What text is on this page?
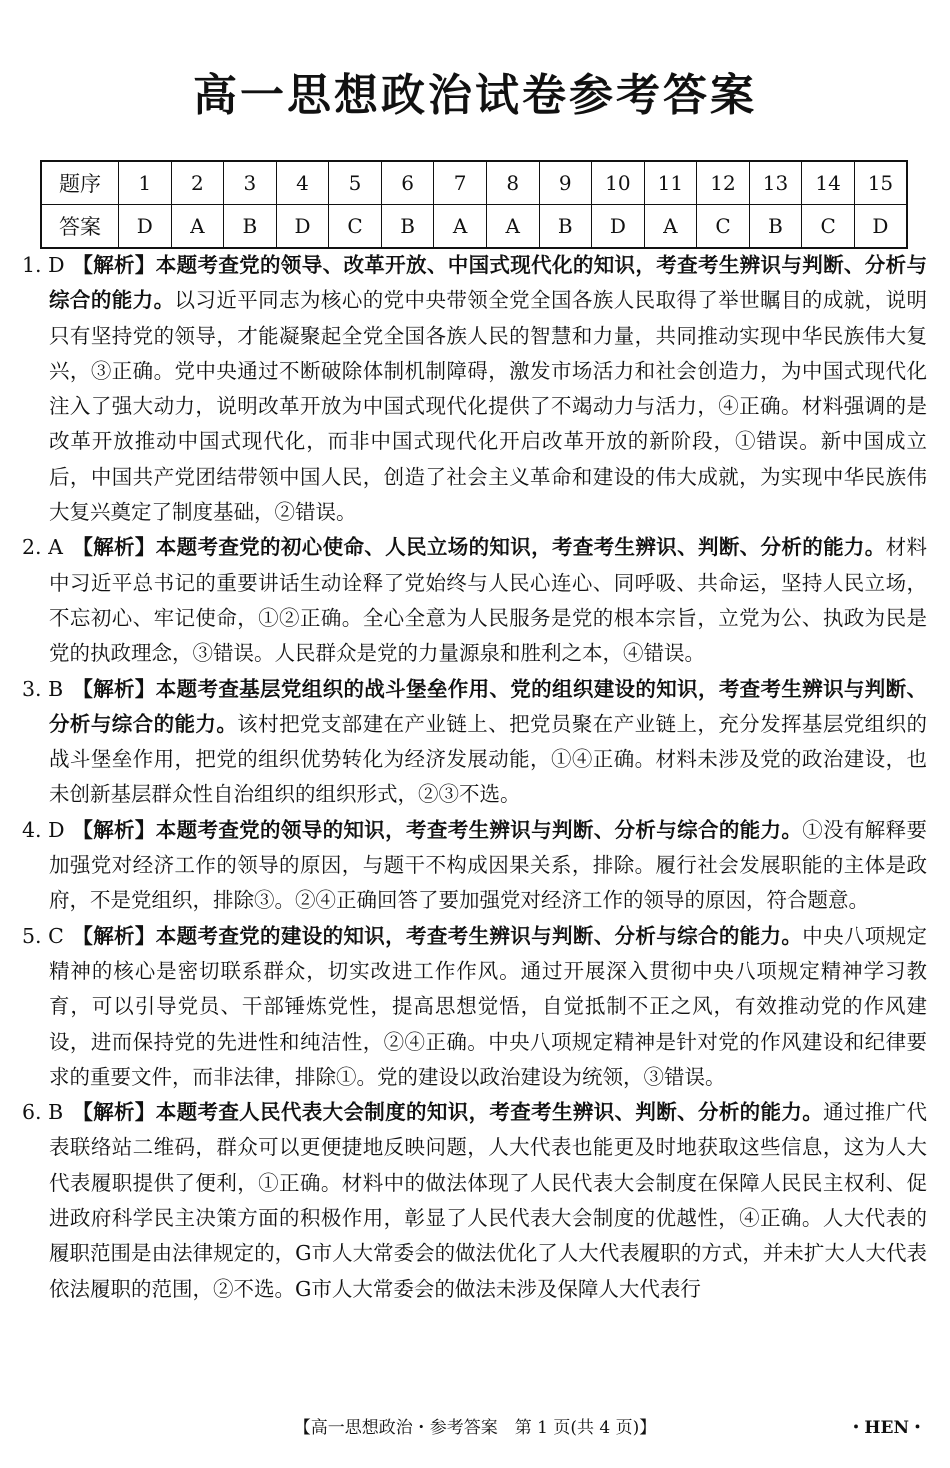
高一思想政治试卷参考答案
题序	1	2	3	4	5	6	7	8	9	10	11	12	13	14	15
答案	D	A	B	D	C	B	A	A	B	D	A	C	B	C	D

1. D 【解析】本题考查党的领导、改革开放、中国式现代化的知识，考查考生辨识与判断、分析与综合的能力。以习近平同志为核心的党中央带领全党全国各族人民取得了举世瞩目的成就，说明只有坚持党的领导，才能凝聚起全党全国各族人民的智慧和力量，共同推动实现中华民族伟大复兴，③正确。党中央通过不断破除体制机制障碍，激发市场活力和社会创造力，为中国式现代化注入了强大动力，说明改革开放为中国式现代化提供了不竭动力与活力，④正确。材料强调的是改革开放推动中国式现代化，而非中国式现代化开启改革开放的新阶段，①错误。新中国成立后，中国共产党团结带领中国人民，创造了社会主义革命和建设的伟大成就，为实现中华民族伟大复兴奠定了制度基础，②错误。

2. A 【解析】本题考查党的初心使命、人民立场的知识，考查考生辨识、判断、分析的能力。材料中习近平总书记的重要讲话生动诠释了党始终与人民心连心、同呼吸、共命运，坚持人民立场，不忘初心、牢记使命，①②正确。全心全意为人民服务是党的根本宗旨，立党为公、执政为民是党的执政理念，③错误。人民群众是党的力量源泉和胜利之本，④错误。

3. B 【解析】本题考查基层党组织的战斗堡垒作用、党的组织建设的知识，考查考生辨识与判断、分析与综合的能力。该村把党支部建在产业链上、把党员聚在产业链上，充分发挥基层党组织的战斗堡垒作用，把党的组织优势转化为经济发展动能，①④正确。材料未涉及党的政治建设，也未创新基层群众性自治组织的组织形式，②③不选。

4. D 【解析】本题考查党的领导的知识，考查考生辨识与判断、分析与综合的能力。①没有解释要加强党对经济工作的领导的原因，与题干不构成因果关系，排除。履行社会发展职能的主体是政府，不是党组织，排除③。②④正确回答了要加强党对经济工作的领导的原因，符合题意。

5. C 【解析】本题考查党的建设的知识，考查考生辨识与判断、分析与综合的能力。中央八项规定精神的核心是密切联系群众，切实改进工作作风。通过开展深入贯彻中央八项规定精神学习教育，可以引导党员、干部锤炼党性，提高思想觉悟，自觉抵制不正之风，有效推动党的作风建设，进而保持党的先进性和纯洁性，②④正确。中央八项规定精神是针对党的作风建设和纪律要求的重要文件，而非法律，排除①。党的建设以政治建设为统领，③错误。

6. B 【解析】本题考查人民代表大会制度的知识，考查考生辨识、判断、分析的能力。通过推广代表联络站二维码，群众可以更便捷地反映问题，人大代表也能更及时地获取这些信息，这为人大代表履职提供了便利，①正确。材料中的做法体现了人民代表大会制度在保障人民民主权利、促进政府科学民主决策方面的积极作用，彰显了人民代表大会制度的优越性，④正确。人大代表的履职范围是由法律规定的，G市人大常委会的做法优化了人大代表履职的方式，并未扩大人大代表依法履职的范围，②不选。G市人大常委会的做法未涉及保障人大代表行

【高一思想政治・参考答案　第 1 页(共 4 页)】	・HEN・
